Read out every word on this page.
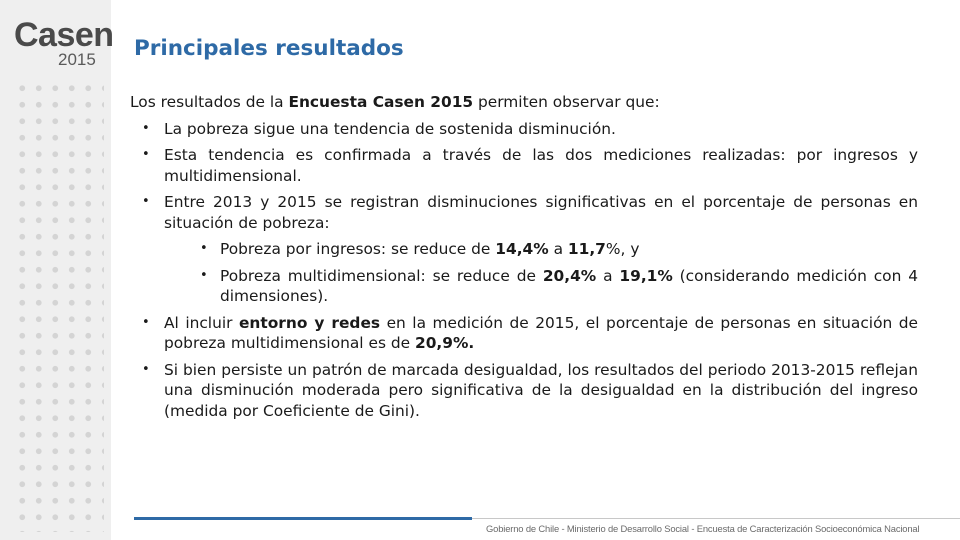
Casen
2015 Principales resultados

Los resultados de la Encuesta Casen 2015 permiten observar que:

• La pobreza sigue una tendencia de sostenida disminución.
• Esta tendencia es confirmada a través de las dos mediciones realizadas: por ingresos y multidimensional.
• Entre 2013 y 2015 se registran disminuciones significativas en el porcentaje de personas en situación de pobreza:
• Pobreza por ingresos: se reduce de 14,4% a 11,7%, y
• Pobreza multidimensional: se reduce de 20,4% a 19,1% (considerando medición con 4 dimensiones).
• Al incluir entorno y redes en la medición de 2015, el porcentaje de personas en situación de pobreza multidimensional es de 20,9%.
• Si bien persiste un patrón de marcada desigualdad, los resultados del periodo 2013-2015 reflejan una disminución moderada pero significativa de la desigualdad en la distribución del ingreso (medida por Coeficiente de Gini).
Gobierno de Chile - Ministerio de Desarrollo Social - Encuesta de Caracterización Socioeconómica Nacional
